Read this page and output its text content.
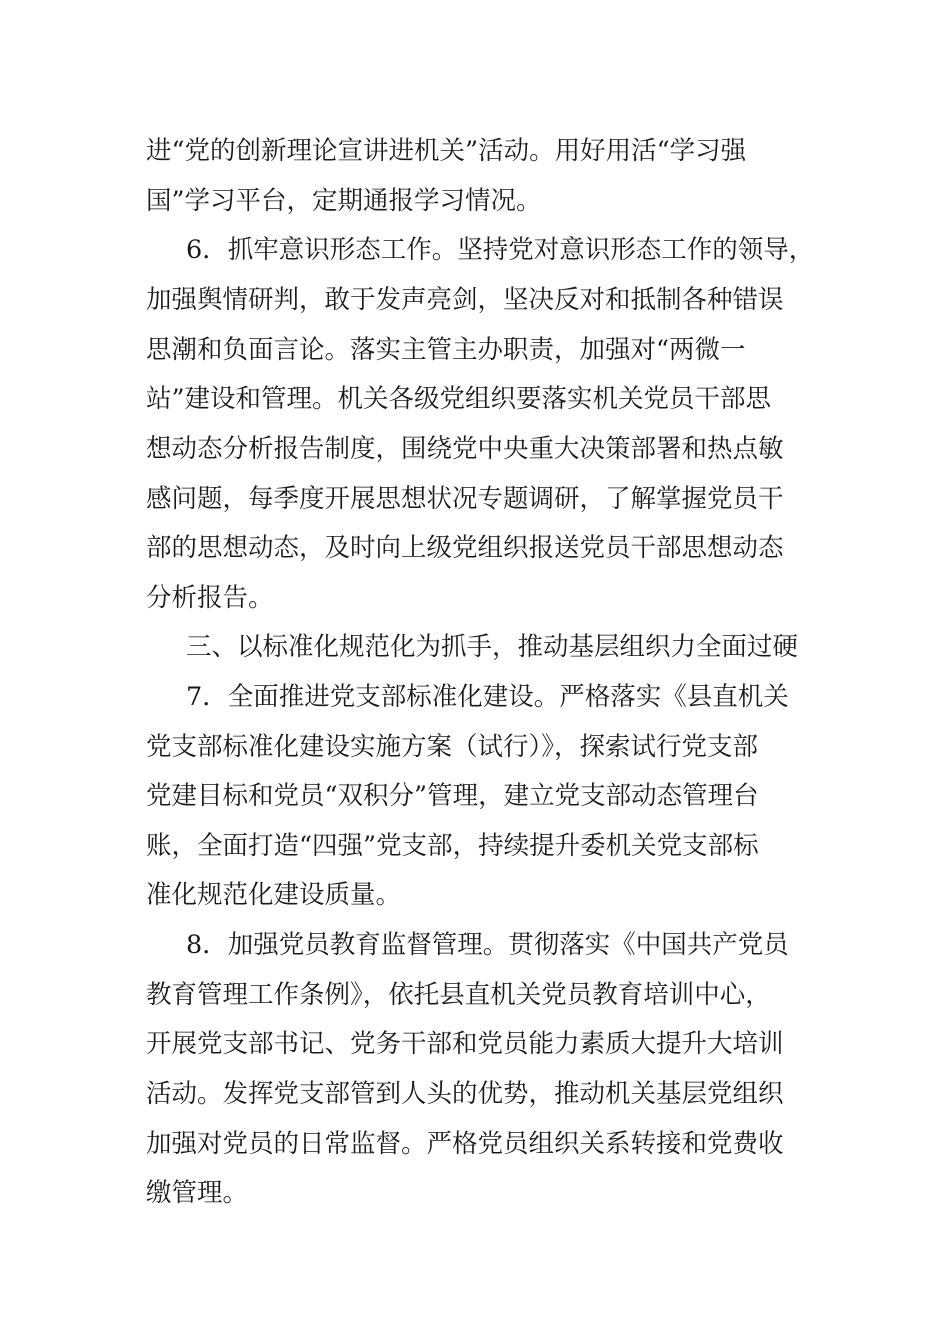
进“党的创新理论宣讲进机关”活动。用好用活“学习强
国”学习平台，定期通报学习情况。
6．抓牢意识形态工作。坚持党对意识形态工作的领导，
加强舆情研判，敢于发声亮剑，坚决反对和抵制各种错误
思潮和负面言论。落实主管主办职责，加强对“两微一
站”建设和管理。机关各级党组织要落实机关党员干部思
想动态分析报告制度，围绕党中央重大决策部署和热点敏
感问题，每季度开展思想状况专题调研，了解掌握党员干
部的思想动态，及时向上级党组织报送党员干部思想动态
分析报告。
三、以标准化规范化为抓手，推动基层组织力全面过硬
7．全面推进党支部标准化建设。严格落实《县直机关
党支部标准化建设实施方案（试行）》，探索试行党支部
党建目标和党员“双积分”管理，建立党支部动态管理台
账，全面打造“四强”党支部，持续提升委机关党支部标
准化规范化建设质量。
8．加强党员教育监督管理。贯彻落实《中国共产党员
教育管理工作条例》，依托县直机关党员教育培训中心，
开展党支部书记、党务干部和党员能力素质大提升大培训
活动。发挥党支部管到人头的优势，推动机关基层党组织
加强对党员的日常监督。严格党员组织关系转接和党费收
缴管理。
